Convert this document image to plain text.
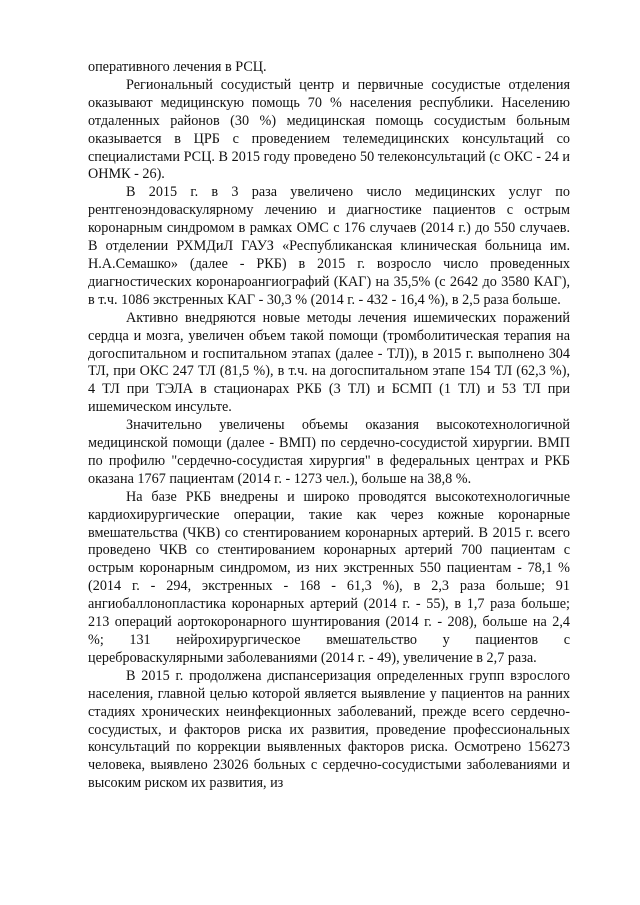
оперативного лечения в РСЦ.

Региональный сосудистый центр и первичные сосудистые отделения оказывают медицинскую помощь 70 % населения республики. Населению отдаленных районов (30 %) медицинская помощь сосудистым больным оказывается в ЦРБ с проведением телемедицинских консультаций со специалистами РСЦ. В 2015 году проведено 50 телеконсультаций (с ОКС - 24 и ОНМК - 26).

В 2015 г. в 3 раза увеличено число медицинских услуг по рентгеноэндоваскулярному лечению и диагностике пациентов с острым коронарным синдромом в рамках ОМС с 176 случаев (2014 г.) до 550 случаев. В отделении РХМДиЛ ГАУЗ «Республиканская клиническая больница им. Н.А.Семашко» (далее - РКБ) в 2015 г. возросло число проведенных диагностических коронароангиографий (КАГ) на 35,5% (с 2642 до 3580 КАГ), в т.ч. 1086 экстренных КАГ - 30,3 % (2014 г. - 432 - 16,4 %), в 2,5 раза больше.

Активно внедряются новые методы лечения ишемических поражений сердца и мозга, увеличен объем такой помощи (тромболитическая терапия на догоспитальном и госпитальном этапах (далее - ТЛ)), в 2015 г. выполнено 304 ТЛ, при ОКС 247 ТЛ (81,5 %), в т.ч. на догоспитальном этапе 154 ТЛ (62,3 %), 4 ТЛ при ТЭЛА в стационарах РКБ (3 ТЛ) и БСМП (1 ТЛ) и 53 ТЛ при ишемическом инсульте.

Значительно увеличены объемы оказания высокотехнологичной медицинской помощи (далее - ВМП) по сердечно-сосудистой хирургии. ВМП по профилю "сердечно-сосудистая хирургия" в федеральных центрах и РКБ оказана 1767 пациентам (2014 г. - 1273 чел.), больше на 38,8 %.

На базе РКБ внедрены и широко проводятся высокотехнологичные кардиохирургические операции, такие как через кожные коронарные вмешательства (ЧКВ) со стентированием коронарных артерий. В 2015 г. всего проведено ЧКВ со стентированием коронарных артерий 700 пациентам с острым коронарным синдромом, из них экстренных 550 пациентам - 78,1 % (2014 г. - 294, экстренных - 168 - 61,3 %), в 2,3 раза больше; 91 ангиобаллонопластика коронарных артерий (2014 г. - 55), в 1,7 раза больше; 213 операций аортокоронарного шунтирования (2014 г. - 208), больше на 2,4 %; 131 нейрохирургическое вмешательство у пациентов с цереброваскулярными заболеваниями (2014 г. - 49), увеличение в 2,7 раза.

В 2015 г. продолжена диспансеризация определенных групп взрослого населения, главной целью которой является выявление у пациентов на ранних стадиях хронических неинфекционных заболеваний, прежде всего сердечно-сосудистых, и факторов риска их развития, проведение профессиональных консультаций по коррекции выявленных факторов риска. Осмотрено 156273 человека, выявлено 23026 больных с сердечно-сосудистыми заболеваниями и высоким риском их развития, из
